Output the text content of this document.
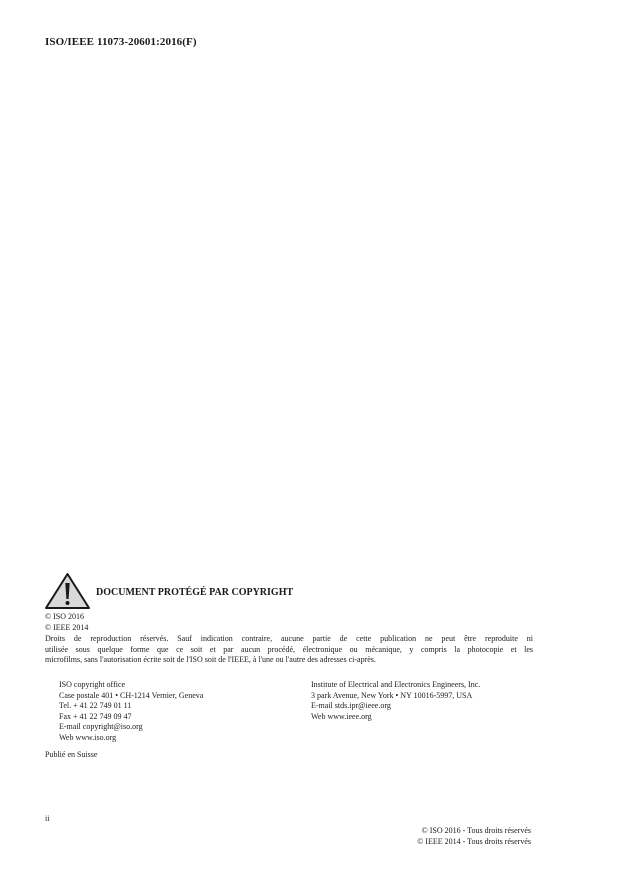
ISO/IEEE 11073-20601:2016(F)
DOCUMENT PROTÉGÉ PAR COPYRIGHT
© ISO 2016
© IEEE 2014
Droits de reproduction réservés. Sauf indication contraire, aucune partie de cette publication ne peut être reproduite ni
utilisée sous quelque forme que ce soit et par aucun procédé, électronique ou mécanique, y compris la photocopie et les
microfilms, sans l'autorisation écrite soit de l'ISO soit de l'IEEE, à l'une ou l'autre des adresses ci-après.
ISO copyright office
Case postale 401 • CH-1214 Vernier, Geneva
Tel. + 41 22 749 01 11
Fax + 41 22 749 09 47
E-mail copyright@iso.org
Web www.iso.org
Institute of Electrical and Electronics Engineers, Inc.
3 park Avenue, New York • NY 10016-5997, USA
E-mail stds.ipr@ieee.org
Web www.ieee.org
Publié en Suisse
ii
© ISO 2016 - Tous droits réservés
© IEEE 2014 - Tous droits réservés
